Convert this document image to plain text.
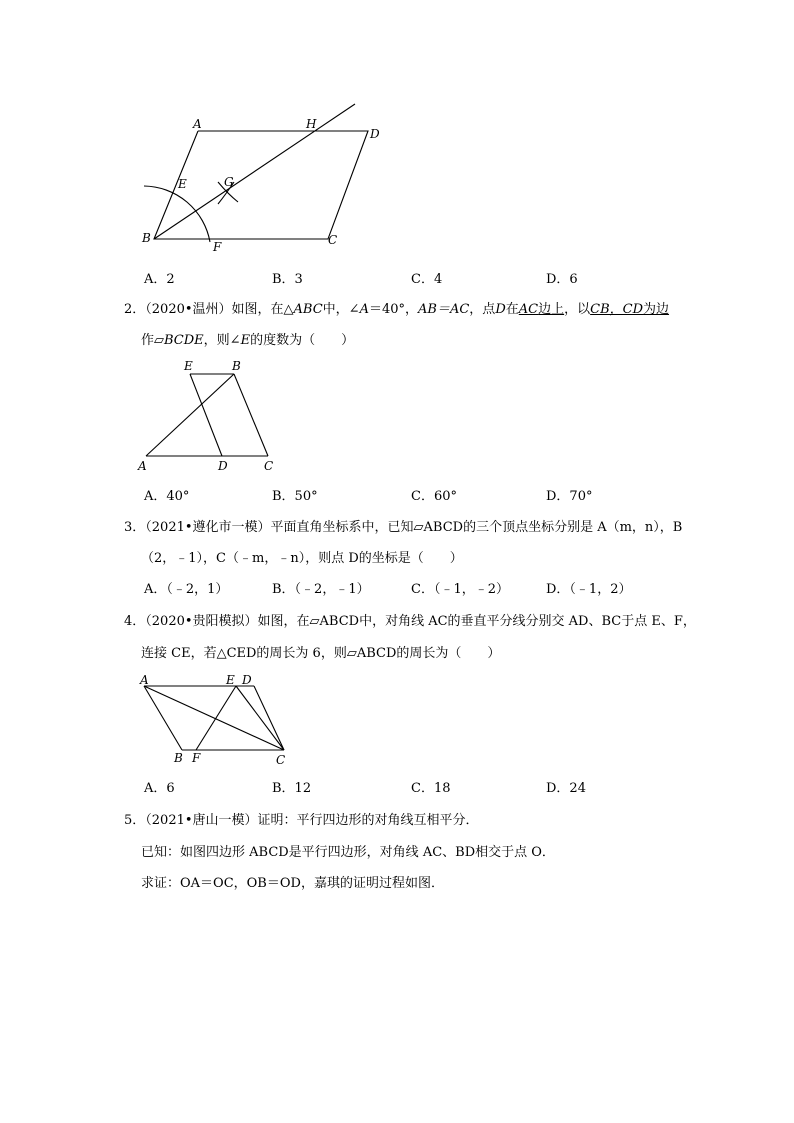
A	H
D
E	G
B
F	C
A．2	B．3	C．4	D．6
2．（2020•温州）如图，在△ABC中，∠A＝40°，AB＝AC，点D在AC边上，以CB，CD为边
作▱BCDE，则∠E的度数为（　　）
E	B
A	D	C
A．40°	B．50°	C．60°	D．70°
3．（2021•遵化市一模）平面直角坐标系中，已知▱ABCD的三个顶点坐标分别是 A（m，n），B
（2，﹣1），C（﹣m，﹣n），则点 D的坐标是（　　）
A．（﹣2，1）	B．（﹣2，﹣1）	C．（﹣1，﹣2）	D．（﹣1，2）
4．（2020•贵阳模拟）如图，在▱ABCD中，对角线 AC的垂直平分线分别交 AD、BC于点 E、F，
连接 CE，若△CED的周长为 6，则▱ABCD的周长为（　　）
A	E D
B F	C
A．6	B．12	C．18	D．24
5．（2021•唐山一模）证明：平行四边形的对角线互相平分．
已知：如图四边形 ABCD是平行四边形，对角线 AC、BD相交于点 O．
求证：OA＝OC，OB＝OD，嘉琪的证明过程如图．
